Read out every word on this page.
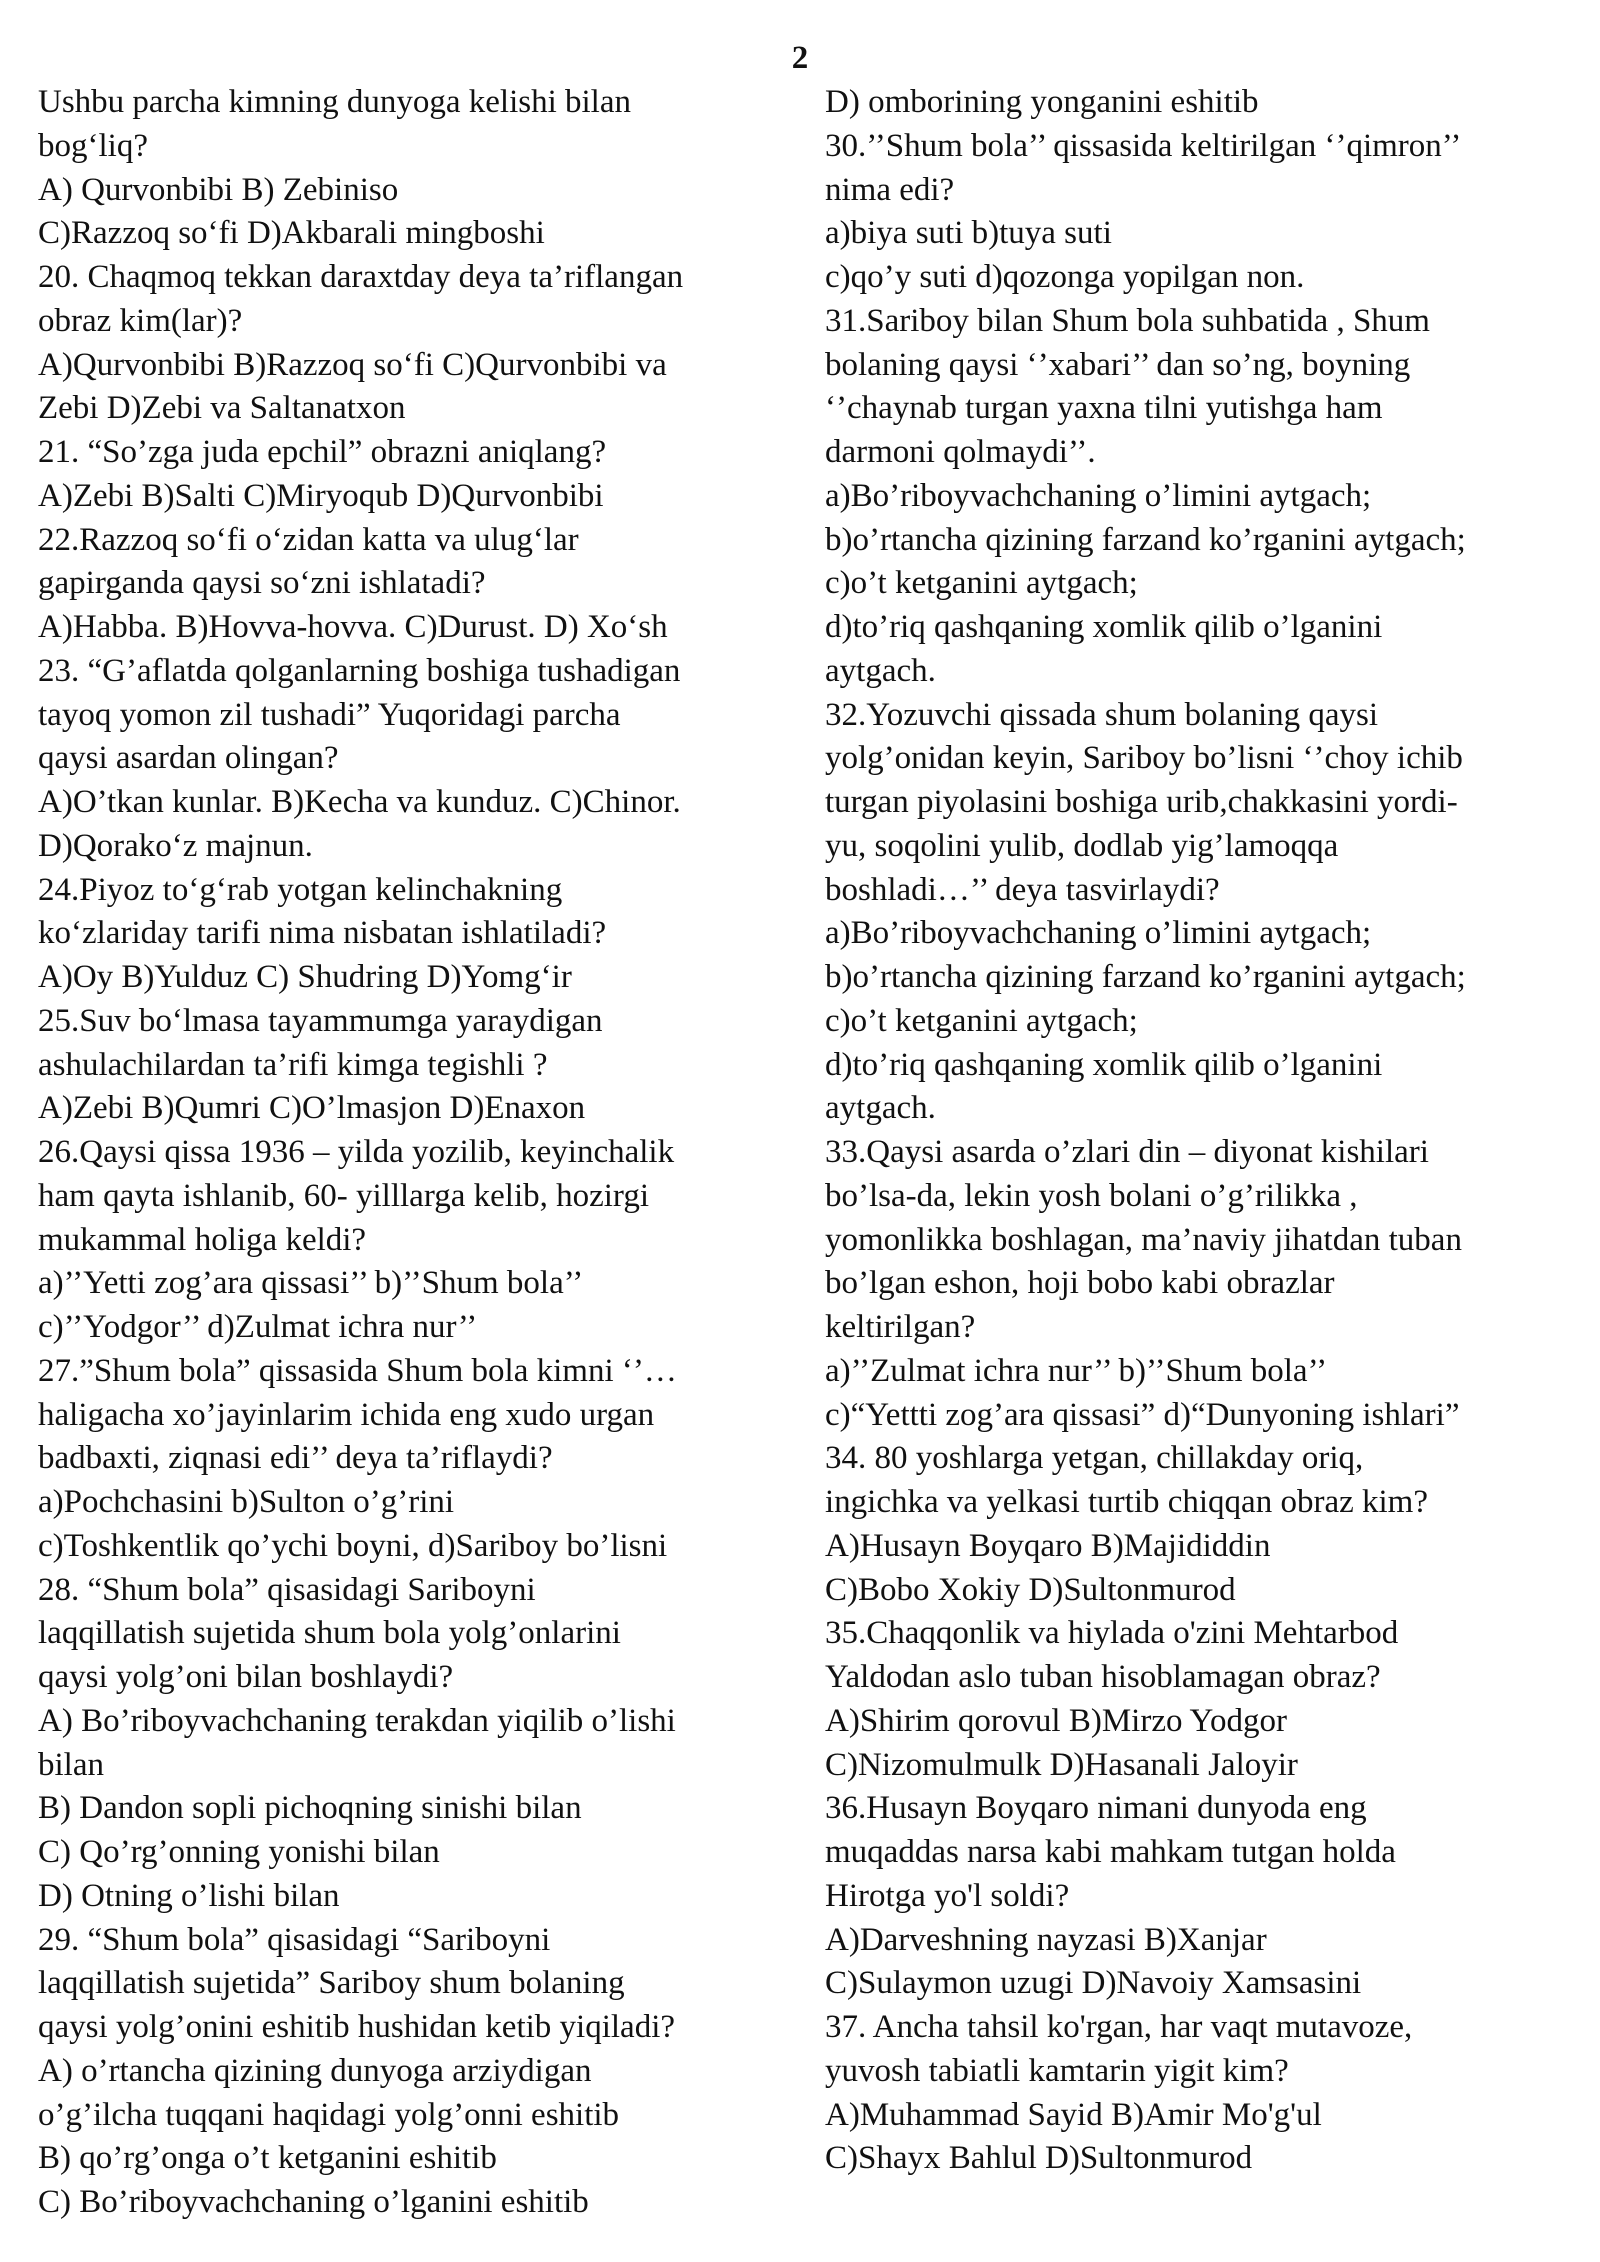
2
Ushbu parcha kimning dunyoga kelishi bilan
bog‘liq?
A) Qurvonbibi B) Zebiniso
C)Razzoq so‘fi D)Akbarali mingboshi
20. Chaqmoq tekkan daraxtday deya ta’riflangan
obraz kim(lar)?
A)Qurvonbibi B)Razzoq so‘fi C)Qurvonbibi va
Zebi D)Zebi va Saltanatxon
21. “So’zga juda epchil” obrazni aniqlang?
A)Zebi B)Salti C)Miryoqub D)Qurvonbibi
22.Razzoq so‘fi o‘zidan katta va ulug‘lar
gapirganda qaysi so‘zni ishlatadi?
A)Habba. B)Hovva-hovva. C)Durust. D) Xo‘sh
23. “G’aflatda qolganlarning boshiga tushadigan
tayoq yomon zil tushadi” Yuqoridagi parcha
qaysi asardan olingan?
A)O’tkan kunlar. B)Kecha va kunduz. C)Chinor.
D)Qorako‘z majnun.
24.Piyoz to‘g‘rab yotgan kelinchakning
ko‘zlariday tarifi nima nisbatan ishlatiladi?
A)Oy B)Yulduz C) Shudring D)Yomg‘ir
25.Suv bo‘lmasa tayammumga yaraydigan
ashulachilardan ta’rifi kimga tegishli ?
A)Zebi B)Qumri C)O’lmasjon D)Enaxon
26.Qaysi qissa 1936 – yilda yozilib, keyinchalik
ham qayta ishlanib, 60- yilllarga kelib, hozirgi
mukammal holiga keldi?
a)’’Yetti zog’ara qissasi’’ b)’’Shum bola’’
c)’’Yodgor’’ d)Zulmat ichra nur’’
27.”Shum bola” qissasida Shum bola kimni ‘’…
haligacha xo’jayinlarim ichida eng xudo urgan
badbaxti, ziqnasi edi’’ deya ta’riflaydi?
a)Pochchasini b)Sulton o’g’rini
c)Toshkentlik qo’ychi boyni, d)Sariboy bo’lisni
28. “Shum bola” qisasidagi Sariboyni
laqqillatish sujetida shum bola yolg’onlarini
qaysi yolg’oni bilan boshlaydi?
A) Bo’riboyvachchaning terakdan yiqilib o’lishi
bilan
B) Dandon sopli pichoqning sinishi bilan
C) Qo’rg’onning yonishi bilan
D) Otning o’lishi bilan
29. “Shum bola” qisasidagi “Sariboyni
laqqillatish sujetida” Sariboy shum bolaning
qaysi yolg’onini eshitib hushidan ketib yiqiladi?
A) o’rtancha qizining dunyoga arziydigan
o’g’ilcha tuqqani haqidagi yolg’onni eshitib
B) qo’rg’onga o’t ketganini eshitib
C) Bo’riboyvachchaning o’lganini eshitib
D) omborining yonganini eshitib
30.’’Shum bola’’ qissasida keltirilgan ‘’qimron’’
nima edi?
a)biya suti b)tuya suti
c)qo’y suti d)qozonga yopilgan non.
31.Sariboy bilan Shum bola suhbatida , Shum
bolaning qaysi ‘’xabari’’ dan so’ng, boyning
‘’chaynab turgan yaxna tilni yutishga ham
darmoni qolmaydi’’.
a)Bo’riboyvachchaning o’limini aytgach;
b)o’rtancha qizining farzand ko’rganini aytgach;
c)o’t ketganini aytgach;
d)to’riq qashqaning xomlik qilib o’lganini
aytgach.
32.Yozuvchi qissada shum bolaning qaysi
yolg’onidan keyin, Sariboy bo’lisni ‘’choy ichib
turgan piyolasini boshiga urib,chakkasini yordi-
yu, soqolini yulib, dodlab yig’lamoqqa
boshladi…’’ deya tasvirlaydi?
a)Bo’riboyvachchaning o’limini aytgach;
b)o’rtancha qizining farzand ko’rganini aytgach;
c)o’t ketganini aytgach;
d)to’riq qashqaning xomlik qilib o’lganini
aytgach.
33.Qaysi asarda o’zlari din – diyonat kishilari
bo’lsa-da, lekin yosh bolani o’g’rilikka ,
yomonlikka boshlagan, ma’naviy jihatdan tuban
bo’lgan eshon, hoji bobo kabi obrazlar
keltirilgan?
a)’’Zulmat ichra nur’’ b)’’Shum bola’’
c)“Yettti zog’ara qissasi” d)“Dunyoning ishlari”
34. 80 yoshlarga yetgan, chillakday oriq,
ingichka va yelkasi turtib chiqqan obraz kim?
A)Husayn Boyqaro B)Majididdin
C)Bobo Xokiy D)Sultonmurod
35.Chaqqonlik va hiylada o'zini Mehtarbod
Yaldodan aslo tuban hisoblamagan obraz?
A)Shirim qorovul B)Mirzo Yodgor
C)Nizomulmulk D)Hasanali Jaloyir
36.Husayn Boyqaro nimani dunyoda eng
muqaddas narsa kabi mahkam tutgan holda
Hirotga yo'l soldi?
A)Darveshning nayzasi B)Xanjar
C)Sulaymon uzugi D)Navoiy Xamsasini
37. Ancha tahsil ko'rgan, har vaqt mutavoze,
yuvosh tabiatli kamtarin yigit kim?
A)Muhammad Sayid B)Amir Mo'g'ul
C)Shayx Bahlul D)Sultonmurod
